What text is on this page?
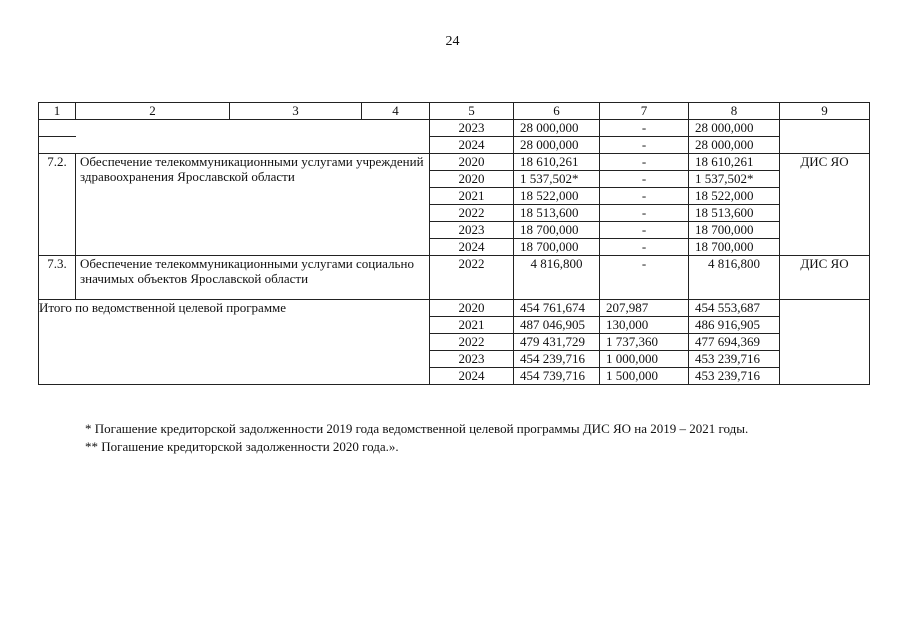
24
1	2	3	4	5	6	7	8	9
				2023	28 000,000	-	28 000,000	
				2024	28 000,000	-	28 000,000	
7.2.	Обеспечение телекоммуникационными услугами учреждений здравоохранения Ярославской области			2020	18 610,261	-	18 610,261	ДИС ЯО
				2020	1 537,502*	-	1 537,502*	
				2021	18 522,000	-	18 522,000	
				2022	18 513,600	-	18 513,600	
				2023	18 700,000	-	18 700,000	
				2024	18 700,000	-	18 700,000	
7.3.	Обеспечение телекоммуникационными услугами социально значимых объектов Ярославской области			2022	4 816,800	-	4 816,800	ДИС ЯО
Итого по ведомственной целевой программе				2020	454 761,674	207,987	454 553,687	
				2021	487 046,905	130,000	486 916,905	
				2022	479 431,729	1 737,360	477 694,369	
				2023	454 239,716	1 000,000	453 239,716	
				2024	454 739,716	1 500,000	453 239,716	
* Погашение кредиторской задолженности 2019 года ведомственной целевой программы ДИС ЯО на 2019 – 2021 годы.
** Погашение кредиторской задолженности 2020 года.».
